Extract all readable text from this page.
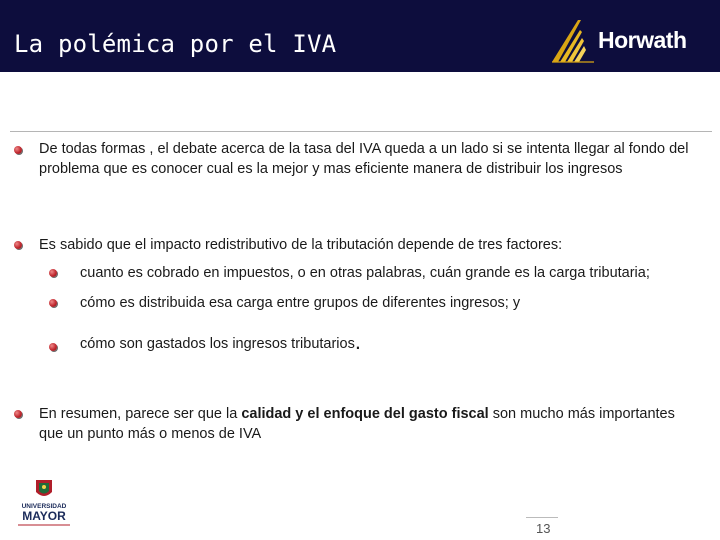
La polémica por el IVA	Horwath
De todas formas , el debate acerca de la tasa del IVA queda a un lado si se intenta llegar al fondo del problema que es conocer cual es la mejor y mas eficiente manera de distribuir los ingresos
Es sabido que el impacto redistributivo de la tributación depende de tres factores:
cuanto es cobrado en impuestos, o en otras palabras, cuán grande es la carga tributaria;
cómo es distribuida esa carga entre grupos de diferentes ingresos; y
cómo son gastados los ingresos tributarios.
En resumen, parece ser que la calidad y el enfoque del gasto fiscal son mucho más importantes que un punto más o menos de IVA
UNIVERSIDAD
MAYOR
13
